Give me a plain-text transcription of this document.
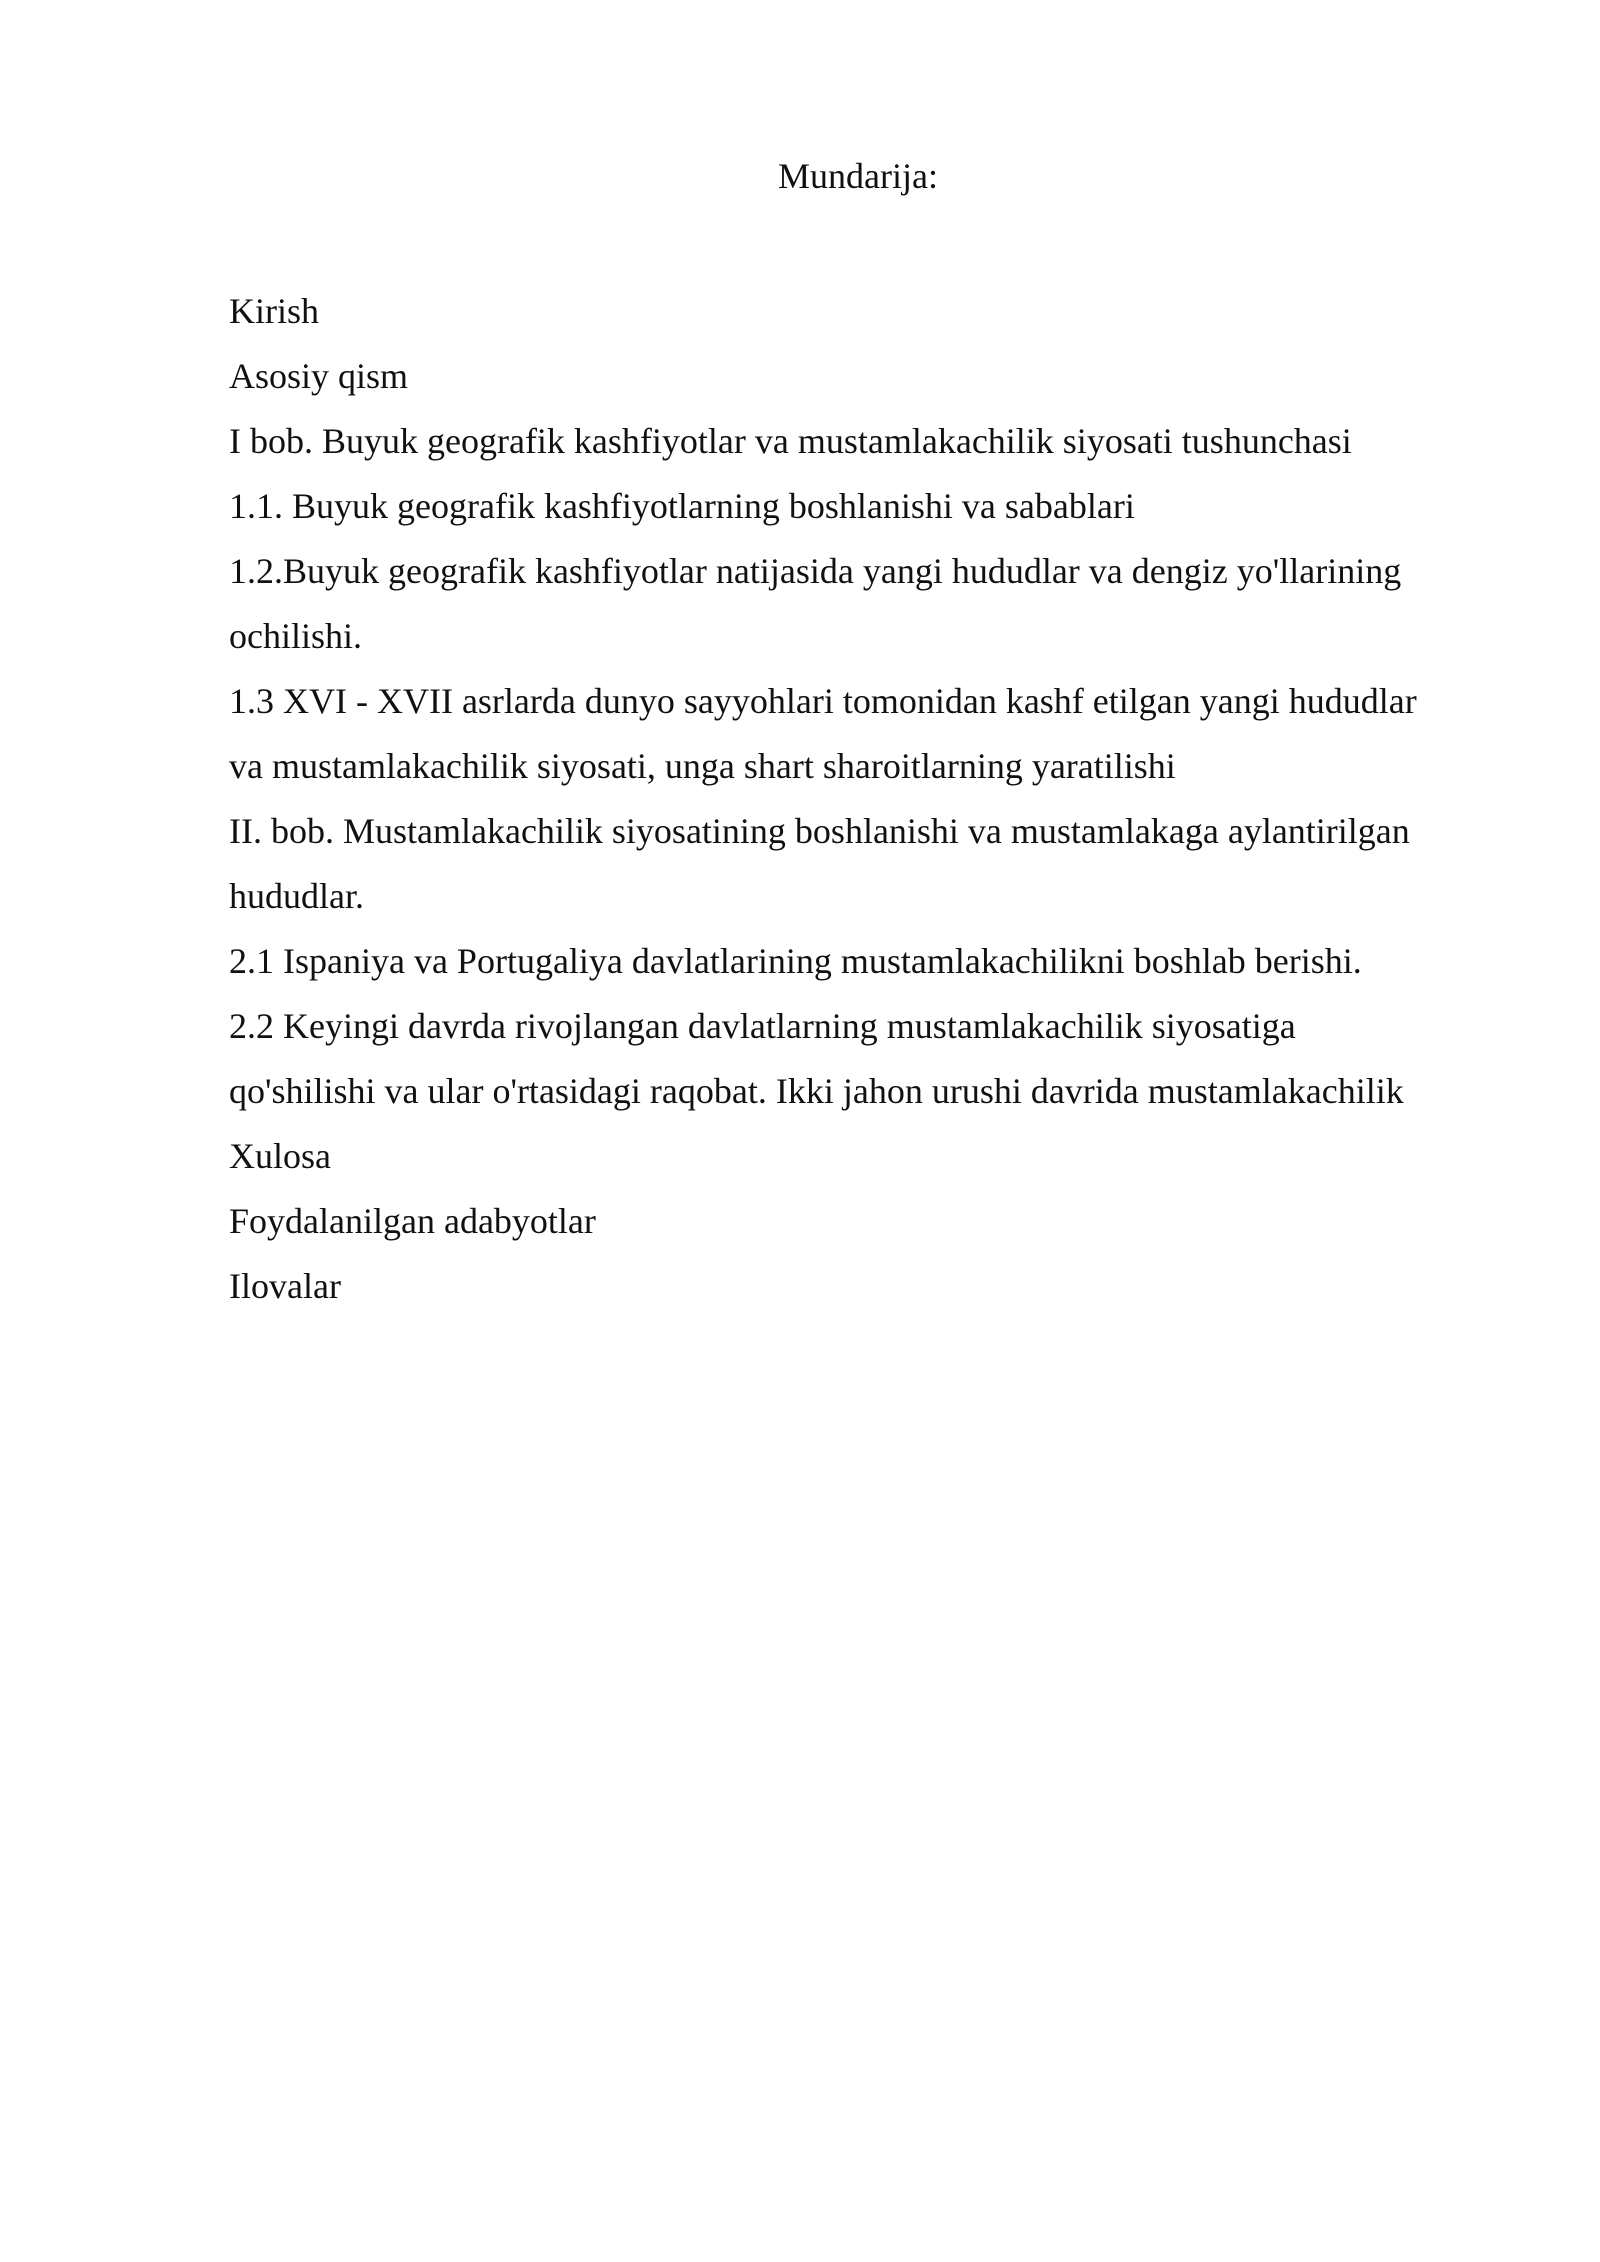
Mundarija:
Kirish
Asosiy qism
I bob. Buyuk geografik kashfiyotlar va mustamlakachilik siyosati tushunchasi
1.1. Buyuk geografik kashfiyotlarning boshlanishi va sabablari
1.2.Buyuk geografik kashfiyotlar natijasida yangi hududlar va dengiz yo'llarining
ochilishi.
1.3 XVI - XVII asrlarda dunyo sayyohlari tomonidan kashf etilgan yangi hududlar
va mustamlakachilik siyosati, unga shart sharoitlarning yaratilishi
II. bob. Mustamlakachilik siyosatining boshlanishi va mustamlakaga aylantirilgan
hududlar.
2.1 Ispaniya va Portugaliya davlatlarining mustamlakachilikni boshlab berishi.
2.2 Keyingi davrda rivojlangan davlatlarning mustamlakachilik siyosatiga
qo'shilishi va ular o'rtasidagi raqobat. Ikki jahon urushi davrida mustamlakachilik
Xulosa
Foydalanilgan adabyotlar
Ilovalar
